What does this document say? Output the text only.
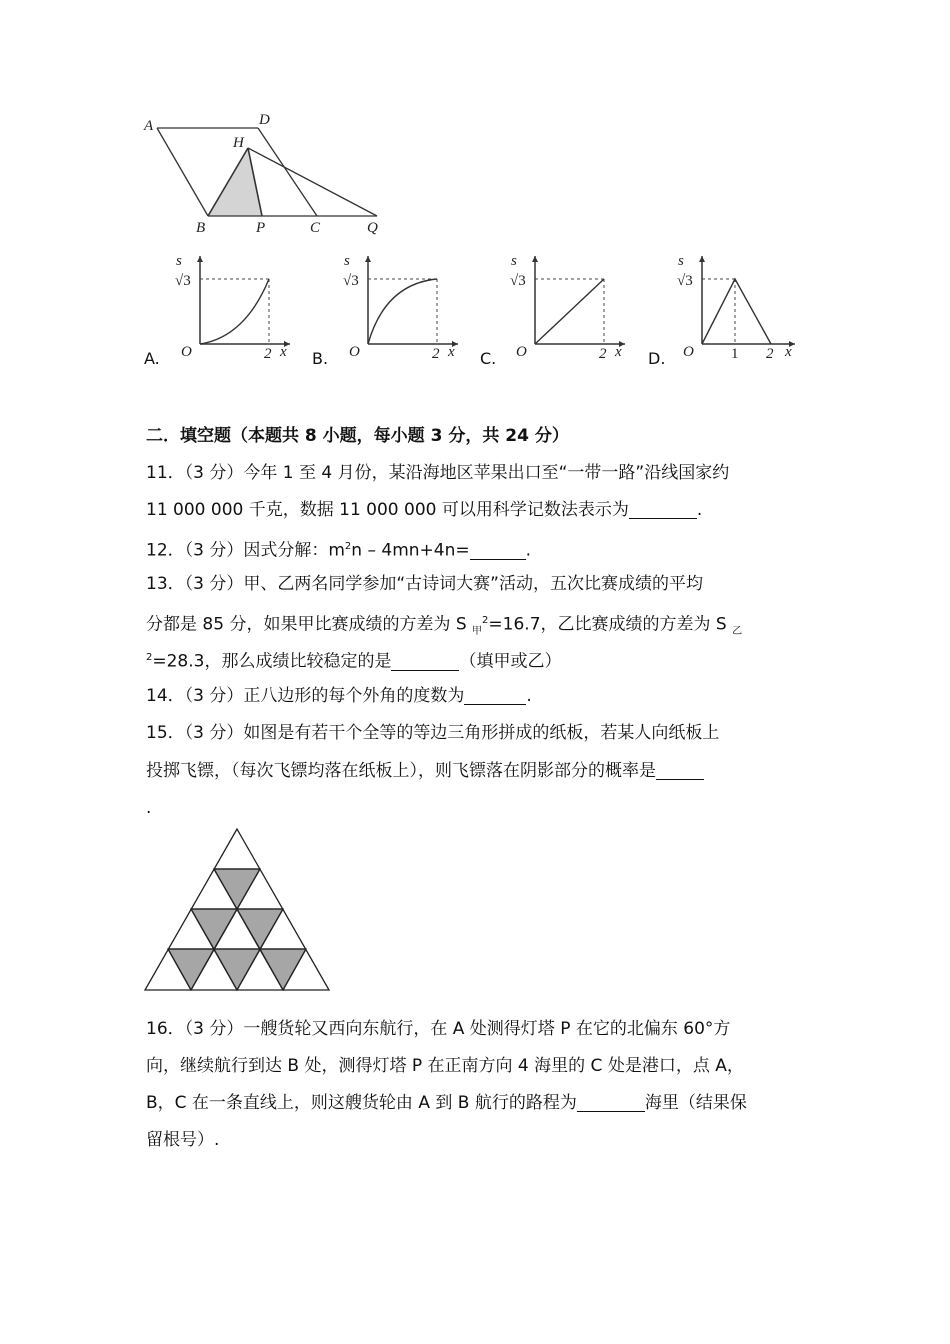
A	D
H
B	P	C	Q
A.
s
√3
O	2 x B.
s
√3
O	2 x C.
s
√3
O	2 x D.
s
√3
O 1 2 x
二．填空题（本题共 8 小题，每小题 3 分，共 24 分）
11．（3 分）今年 1 至 4 月份，某沿海地区苹果出口至“一带一路”沿线国家约
11 000 000 千克，数据 11 000 000 可以用科学记数法表示为	.
12．（3 分）因式分解：$m^2n - 4mn+4n=$	.
13．（3 分）甲、乙两名同学参加“古诗词大赛”活动，五次比赛成绩的平均
分都是 85 分，如果甲比赛成绩的方差为 S $_甲^2$=16.7，乙比赛成绩的方差为 S $_乙$
$^2$=28.3，那么成绩比较稳定的是	（填甲或乙）
14．（3 分）正八边形的每个外角的度数为	.
15．（3 分）如图是有若干个全等的等边三角形拼成的纸板，若某人向纸板上
投掷飞镖，（每次飞镖均落在纸板上），则飞镖落在阴影部分的概率是
.
16．（3 分）一艘货轮又西向东航行，在 A 处测得灯塔 P 在它的北偏东 60°方
向，继续航行到达 B 处，测得灯塔 P 在正南方向 4 海里的 C 处是港口，点 A，
B，C 在一条直线上，则这艘货轮由 A 到 B 航行的路程为	海里（结果保
留根号）.
